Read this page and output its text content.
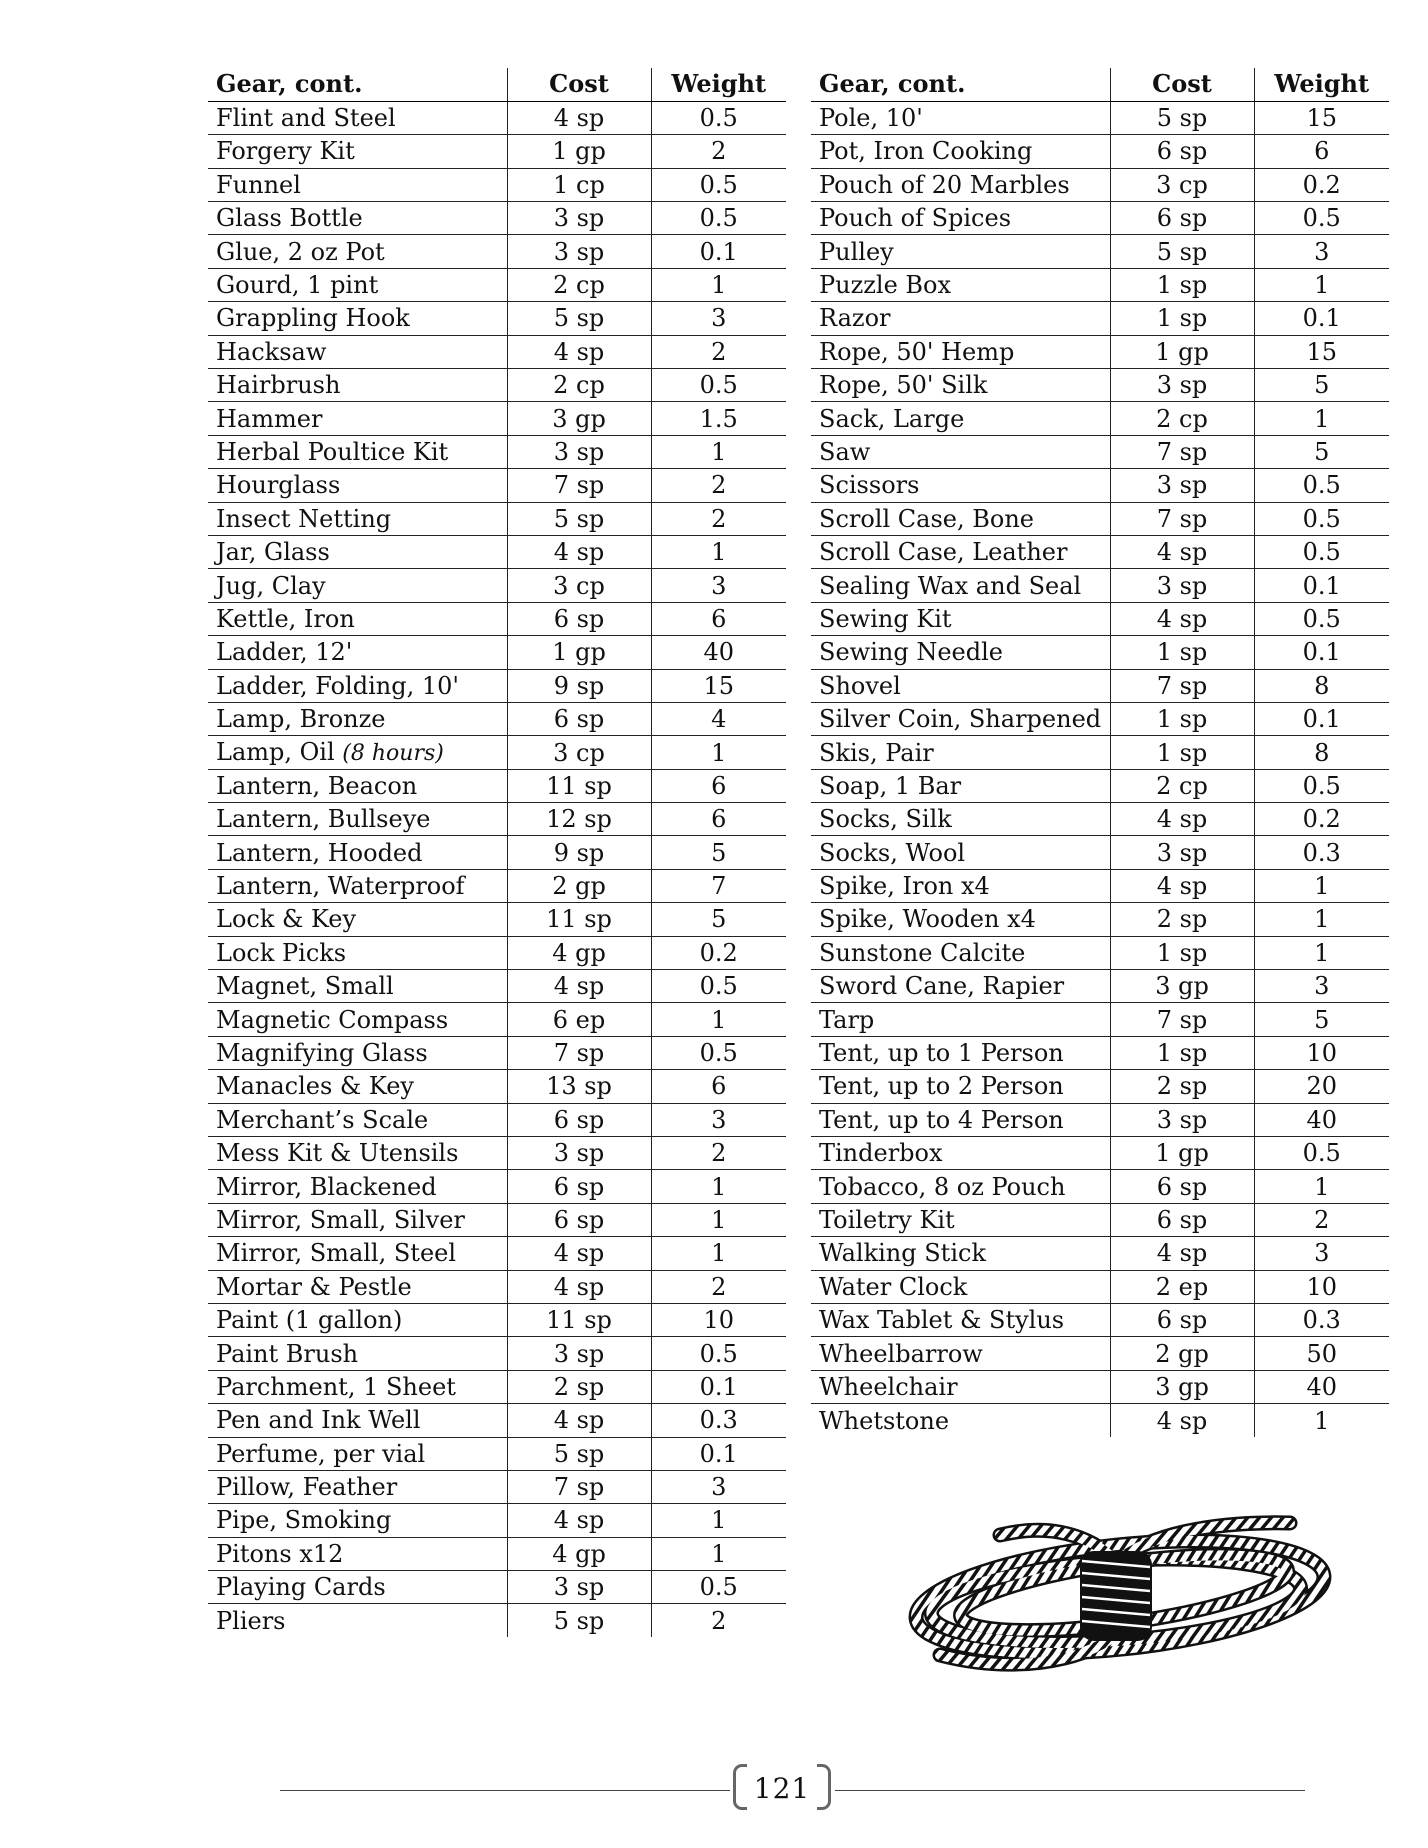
Gear, cont.	Cost	Weight
Flint and Steel	4 sp	0.5
Forgery Kit	1 gp	2
Funnel	1 cp	0.5
Glass Bottle	3 sp	0.5
Glue, 2 oz Pot	3 sp	0.1
Gourd, 1 pint	2 cp	1
Grappling Hook	5 sp	3
Hacksaw	4 sp	2
Hairbrush	2 cp	0.5
Hammer	3 gp	1.5
Herbal Poultice Kit	3 sp	1
Hourglass	7 sp	2
Insect Netting	5 sp	2
Jar, Glass	4 sp	1
Jug, Clay	3 cp	3
Kettle, Iron	6 sp	6
Ladder, 12'	1 gp	40
Ladder, Folding, 10'	9 sp	15
Lamp, Bronze	6 sp	4
Lamp, Oil (8 hours)	3 cp	1
Lantern, Beacon	11 sp	6
Lantern, Bullseye	12 sp	6
Lantern, Hooded	9 sp	5
Lantern, Waterproof	2 gp	7
Lock & Key	11 sp	5
Lock Picks	4 gp	0.2
Magnet, Small	4 sp	0.5
Magnetic Compass	6 ep	1
Magnifying Glass	7 sp	0.5
Manacles & Key	13 sp	6
Merchant’s Scale	6 sp	3
Mess Kit & Utensils	3 sp	2
Mirror, Blackened	6 sp	1
Mirror, Small, Silver	6 sp	1
Mirror, Small, Steel	4 sp	1
Mortar & Pestle	4 sp	2
Paint (1 gallon)	11 sp	10
Paint Brush	3 sp	0.5
Parchment, 1 Sheet	2 sp	0.1
Pen and Ink Well	4 sp	0.3
Perfume, per vial	5 sp	0.1
Pillow, Feather	7 sp	3
Pipe, Smoking	4 sp	1
Pitons x12	4 gp	1
Playing Cards	3 sp	0.5
Pliers	5 sp	2
Gear, cont.	Cost	Weight
Pole, 10'	5 sp	15
Pot, Iron Cooking	6 sp	6
Pouch of 20 Marbles	3 cp	0.2
Pouch of Spices	6 sp	0.5
Pulley	5 sp	3
Puzzle Box	1 sp	1
Razor	1 sp	0.1
Rope, 50' Hemp	1 gp	15
Rope, 50' Silk	3 sp	5
Sack, Large	2 cp	1
Saw	7 sp	5
Scissors	3 sp	0.5
Scroll Case, Bone	7 sp	0.5
Scroll Case, Leather	4 sp	0.5
Sealing Wax and Seal	3 sp	0.1
Sewing Kit	4 sp	0.5
Sewing Needle	1 sp	0.1
Shovel	7 sp	8
Silver Coin, Sharpened	1 sp	0.1
Skis, Pair	1 sp	8
Soap, 1 Bar	2 cp	0.5
Socks, Silk	4 sp	0.2
Socks, Wool	3 sp	0.3
Spike, Iron x4	4 sp	1
Spike, Wooden x4	2 sp	1
Sunstone Calcite	1 sp	1
Sword Cane, Rapier	3 gp	3
Tarp	7 sp	5
Tent, up to 1 Person	1 sp	10
Tent, up to 2 Person	2 sp	20
Tent, up to 4 Person	3 sp	40
Tinderbox	1 gp	0.5
Tobacco, 8 oz Pouch	6 sp	1
Toiletry Kit	6 sp	2
Walking Stick	4 sp	3
Water Clock	2 ep	10
Wax Tablet & Stylus	6 sp	0.3
Wheelbarrow	2 gp	50
Wheelchair	3 gp	40
Whetstone	4 sp	1
121
